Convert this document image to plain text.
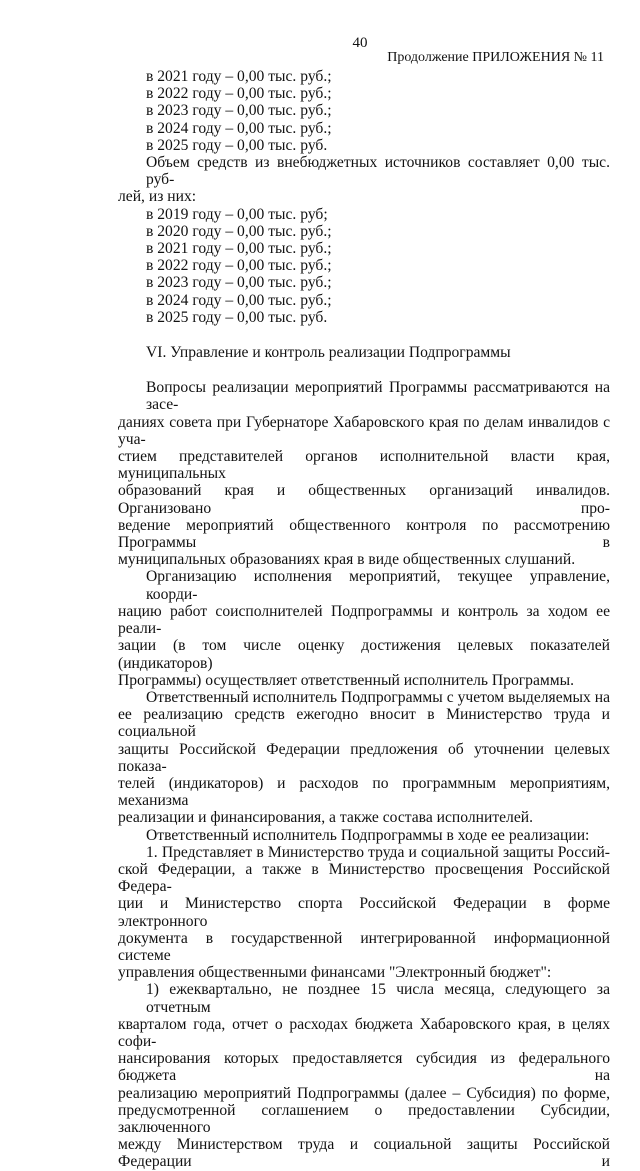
40
Продолжение ПРИЛОЖЕНИЯ № 11
в 2021 году – 0,00 тыс. руб.;
в 2022 году – 0,00 тыс. руб.;
в 2023 году – 0,00 тыс. руб.;
в 2024 году – 0,00 тыс. руб.;
в 2025 году – 0,00 тыс. руб.
Объем средств из внебюджетных источников составляет 0,00 тыс. руб-
лей, из них:
в 2019 году – 0,00 тыс. руб;
в 2020 году – 0,00 тыс. руб.;
в 2021 году – 0,00 тыс. руб.;
в 2022 году – 0,00 тыс. руб.;
в 2023 году – 0,00 тыс. руб.;
в 2024 году – 0,00 тыс. руб.;
в 2025 году – 0,00 тыс. руб.
VI. Управление и контроль реализации Подпрограммы
Вопросы реализации мероприятий Программы рассматриваются на засе-
даниях совета при Губернаторе Хабаровского края по делам инвалидов с уча-
стием представителей органов исполнительной власти края, муниципальных
образований края и общественных организаций инвалидов. Организовано про-
ведение мероприятий общественного контроля по рассмотрению Программы в
муниципальных образованиях края в виде общественных слушаний.
Организацию исполнения мероприятий, текущее управление, коорди-
нацию работ соисполнителей Подпрограммы и контроль за ходом ее реали-
зации (в том числе оценку достижения целевых показателей (индикаторов)
Программы) осуществляет ответственный исполнитель Программы.
Ответственный исполнитель Подпрограммы с учетом выделяемых на
ее реализацию средств ежегодно вносит в Министерство труда и социальной
защиты Российской Федерации предложения об уточнении целевых показа-
телей (индикаторов) и расходов по программным мероприятиям, механизма
реализации и финансирования, а также состава исполнителей.
Ответственный исполнитель Подпрограммы в ходе ее реализации:
1. Представляет в Министерство труда и социальной защиты Россий-
ской Федерации, а также в Министерство просвещения Российской Федера-
ции и Министерство спорта Российской Федерации в форме электронного
документа в государственной интегрированной информационной системе
управления общественными финансами "Электронный бюджет":
1) ежеквартально, не позднее 15 числа месяца, следующего за отчетным
кварталом года, отчет о расходах бюджета Хабаровского края, в целях софи-
нансирования которых предоставляется субсидия из федерального бюджета на
реализацию мероприятий Подпрограммы (далее – Субсидия) по форме,
предусмотренной соглашением о предоставлении Субсидии, заключенного
между Министерством труда и социальной защиты Российской Федерации и
